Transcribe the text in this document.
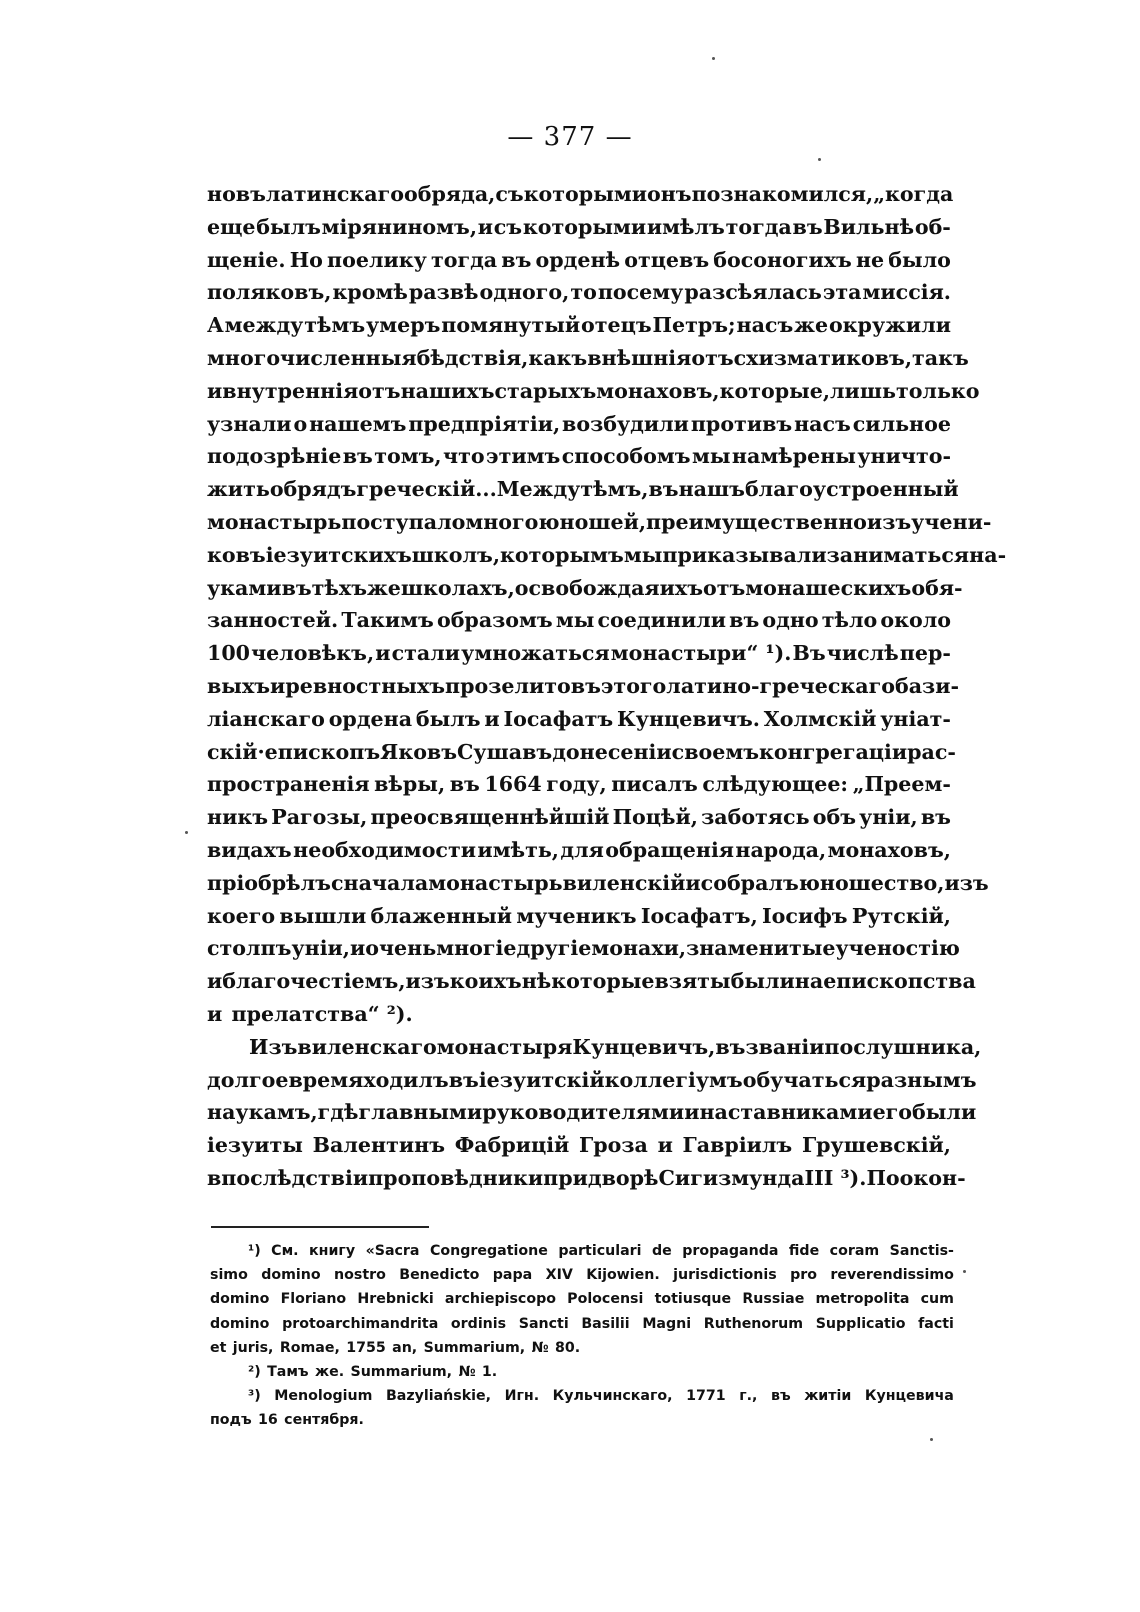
— 377 —
новъ латинскаго обряда, съ которыми онъ познакомился, „когда
еще былъ міряниномъ, и съ которыми имѣлъ тогда въ Вильнѣ об-
щеніе. Но поелику тогда въ орденѣ отцевъ босоногихъ не было
поляковъ, кромѣ развѣ одного, то посему разсѣялась эта миссія.
А между тѣмъ умеръ помянутый отецъ Петръ; насъ же окружили
многочисленныя бѣдствія, какъ внѣшнія отъ схизматиковъ, такъ
и внутреннія отъ нашихъ старыхъ монаховъ, которые, лишь только
узнали о нашемъ предпріятіи, возбудили противъ насъ сильное
подозрѣніе въ томъ, что этимъ способомъ мы намѣрены уничто-
жить обрядъ греческій... Между тѣмъ, въ нашъ благоустроенный
монастырь поступало много юношей, преимущественно изъ учени-
ковъ іезуитскихъ школъ, которымъ мы приказывали заниматься на-
уками въ тѣхъ же школахъ, освобождая ихъ отъ монашескихъ обя-
занностей. Такимъ образомъ мы соединили въ одно тѣло около
100 человѣкъ, и стали умножаться монастыри“ ¹). Въ числѣ пер-
выхъ и ревностныхъ прозелитовъ этого латино-греческаго бази-
ліанскаго ордена былъ и Іосафатъ Кунцевичъ. Холмскій уніат-
скій·епископъ Яковъ Суша въ донесеніи своемъ конгрегаціи рас-
пространенія вѣры, въ 1664 году, писалъ слѣдующее: „Преем-
никъ Рагозы, преосвященнѣйшій Поцѣй, заботясь объ уніи, въ
видахъ необходимости имѣть, для обращенія народа, монаховъ,
пріобрѣлъ сначала монастырь виленскій и собралъ юношество, изъ
коего вышли блаженный мученикъ Іосафатъ, Іосифъ Рутскій,
столпъ уніи, и очень многіе другіе монахи, знаменитые ученостію
и благочестіемъ, изъ коихъ нѣкоторые взяты были на епископства
и прелатства“ ²).
Изъ виленскаго монастыря Кунцевичъ, въ званіи послушника,
долгое время ходилъ въ іезуитскій коллегіумъ обучаться разнымъ
наукамъ, гдѣ главными руководителями и наставниками его были
іезуиты Валентинъ Фабрицій Гроза и Гавріилъ Грушевскій,
впослѣдствіи проповѣдники при дворѣ Сигизмунда III ³). По окон-
¹) См. книгу «Sacra Congregatione particulari de propaganda fide coram Sanctis-
simo domino nostro Benedicto papa XIV Kijowien. jurisdictionis pro reverendissimo
domino Floriano Hrebnicki archiepiscopo Polocensi totiusque Russiae metropolita cum
domino protoarchimandrita ordinis Sancti Basilii Magni Ruthenorum Supplicatio facti
et juris, Romae, 1755 an, Summarium, № 80.
²) Тамъ же. Summarium, № 1.
³) Menologium Bazyliańskie, Игн. Кульчинскаго, 1771 г., въ житіи Кунцевича
подъ 16 сентября.
